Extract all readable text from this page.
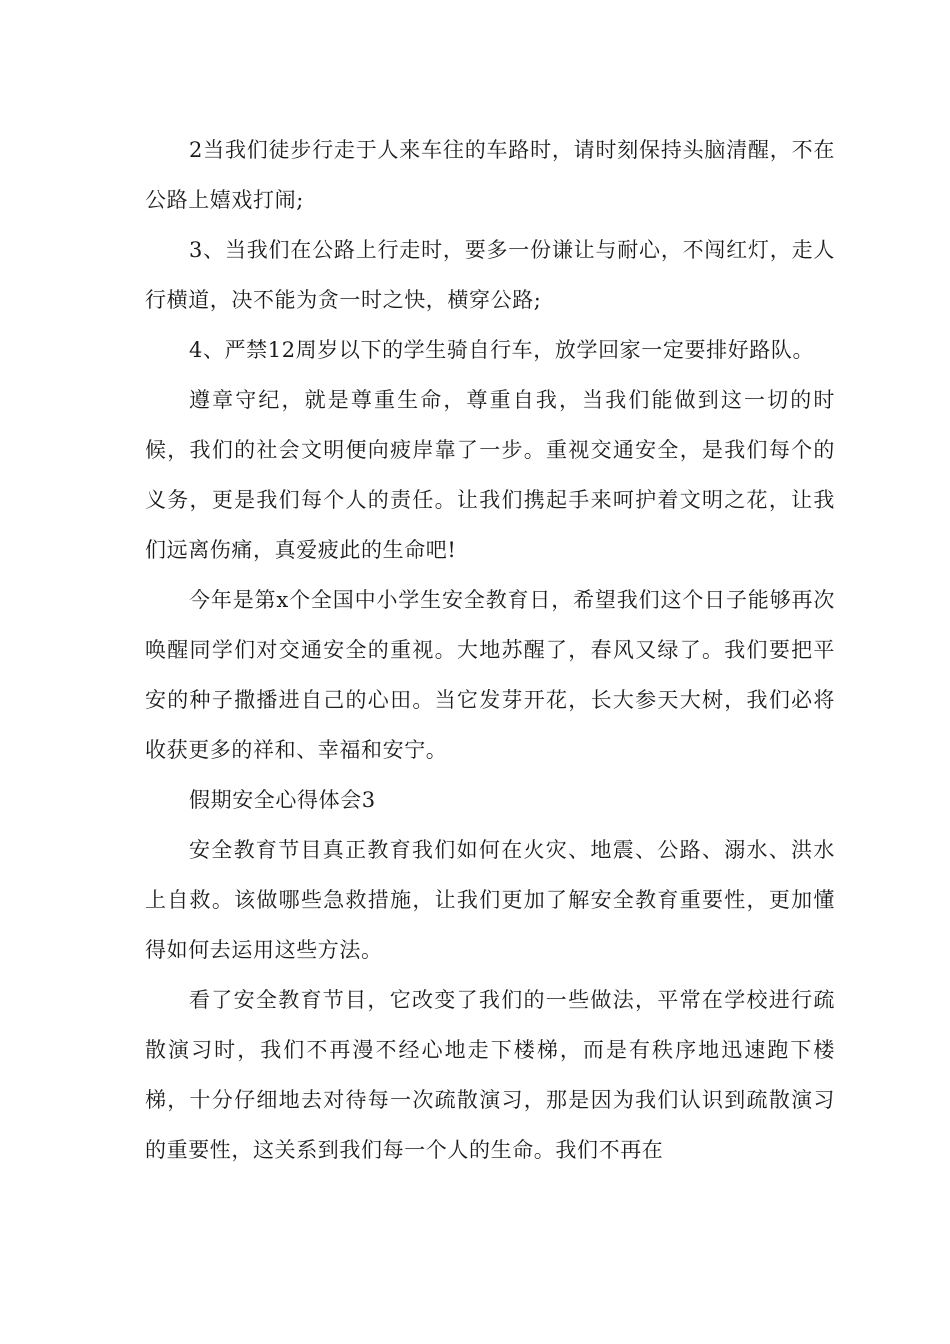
2当我们徒步行走于人来车往的车路时，请时刻保持头脑清醒，不在公路上嬉戏打闹;

3、当我们在公路上行走时，要多一份谦让与耐心，不闯红灯，走人行横道，决不能为贪一时之快，横穿公路;

4、严禁12周岁以下的学生骑自行车，放学回家一定要排好路队。

遵章守纪，就是尊重生命，尊重自我，当我们能做到这一切的时候，我们的社会文明便向疲岸靠了一步。重视交通安全，是我们每个的义务，更是我们每个人的责任。让我们携起手来呵护着文明之花，让我们远离伤痛，真爱疲此的生命吧!

今年是第x个全国中小学生安全教育日，希望我们这个日子能够再次唤醒同学们对交通安全的重视。大地苏醒了，春风又绿了。我们要把平安的种子撒播进自己的心田。当它发芽开花，长大参天大树，我们必将收获更多的祥和、幸福和安宁。

假期安全心得体会3

安全教育节目真正教育我们如何在火灾、地震、公路、溺水、洪水上自救。该做哪些急救措施，让我们更加了解安全教育重要性，更加懂得如何去运用这些方法。

看了安全教育节目，它改变了我们的一些做法，平常在学校进行疏散演习时，我们不再漫不经心地走下楼梯，而是有秩序地迅速跑下楼梯，十分仔细地去对待每一次疏散演习，那是因为我们认识到疏散演习的重要性，这关系到我们每一个人的生命。我们不再在
